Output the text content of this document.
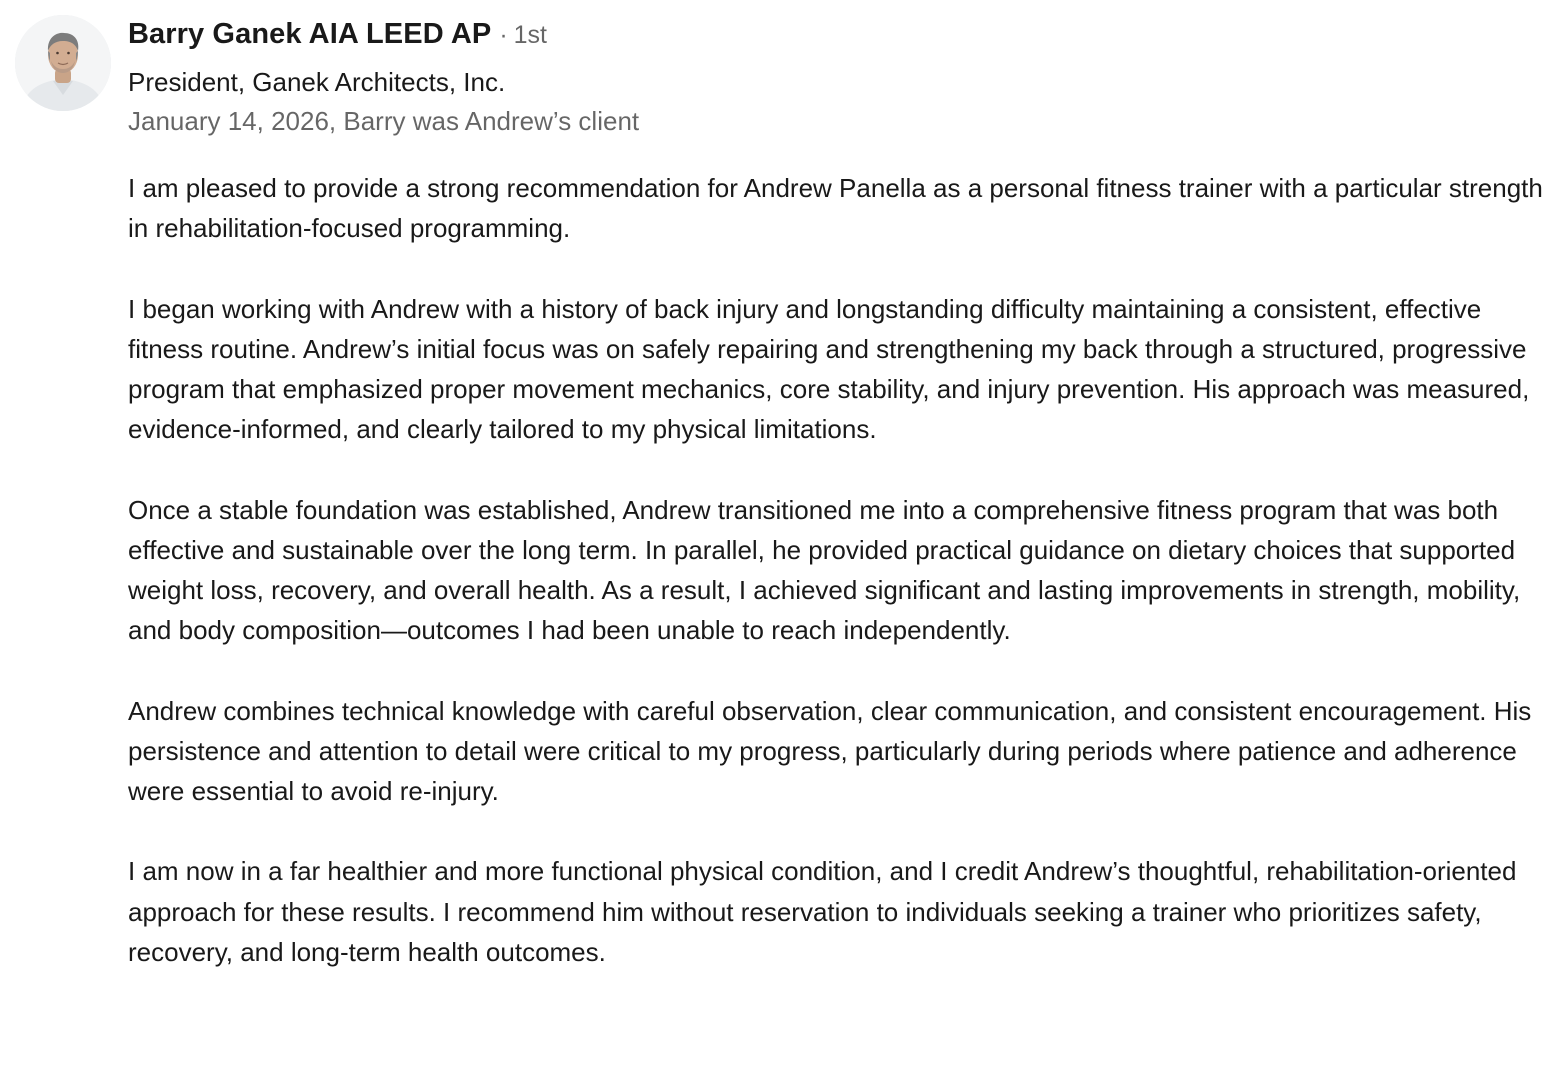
Barry Ganek AIA LEED AP · 1st
President, Ganek Architects, Inc.
January 14, 2026, Barry was Andrew’s client

I am pleased to provide a strong recommendation for Andrew Panella as a personal fitness trainer with a particular strength in rehabilitation-focused programming.

I began working with Andrew with a history of back injury and longstanding difficulty maintaining a consistent, effective fitness routine. Andrew’s initial focus was on safely repairing and strengthening my back through a structured, progressive program that emphasized proper movement mechanics, core stability, and injury prevention. His approach was measured, evidence-informed, and clearly tailored to my physical limitations.

Once a stable foundation was established, Andrew transitioned me into a comprehensive fitness program that was both effective and sustainable over the long term. In parallel, he provided practical guidance on dietary choices that supported weight loss, recovery, and overall health. As a result, I achieved significant and lasting improvements in strength, mobility, and body composition—outcomes I had been unable to reach independently.

Andrew combines technical knowledge with careful observation, clear communication, and consistent encouragement. His persistence and attention to detail were critical to my progress, particularly during periods where patience and adherence were essential to avoid re-injury.

I am now in a far healthier and more functional physical condition, and I credit Andrew’s thoughtful, rehabilitation-oriented approach for these results. I recommend him without reservation to individuals seeking a trainer who prioritizes safety, recovery, and long-term health outcomes.
